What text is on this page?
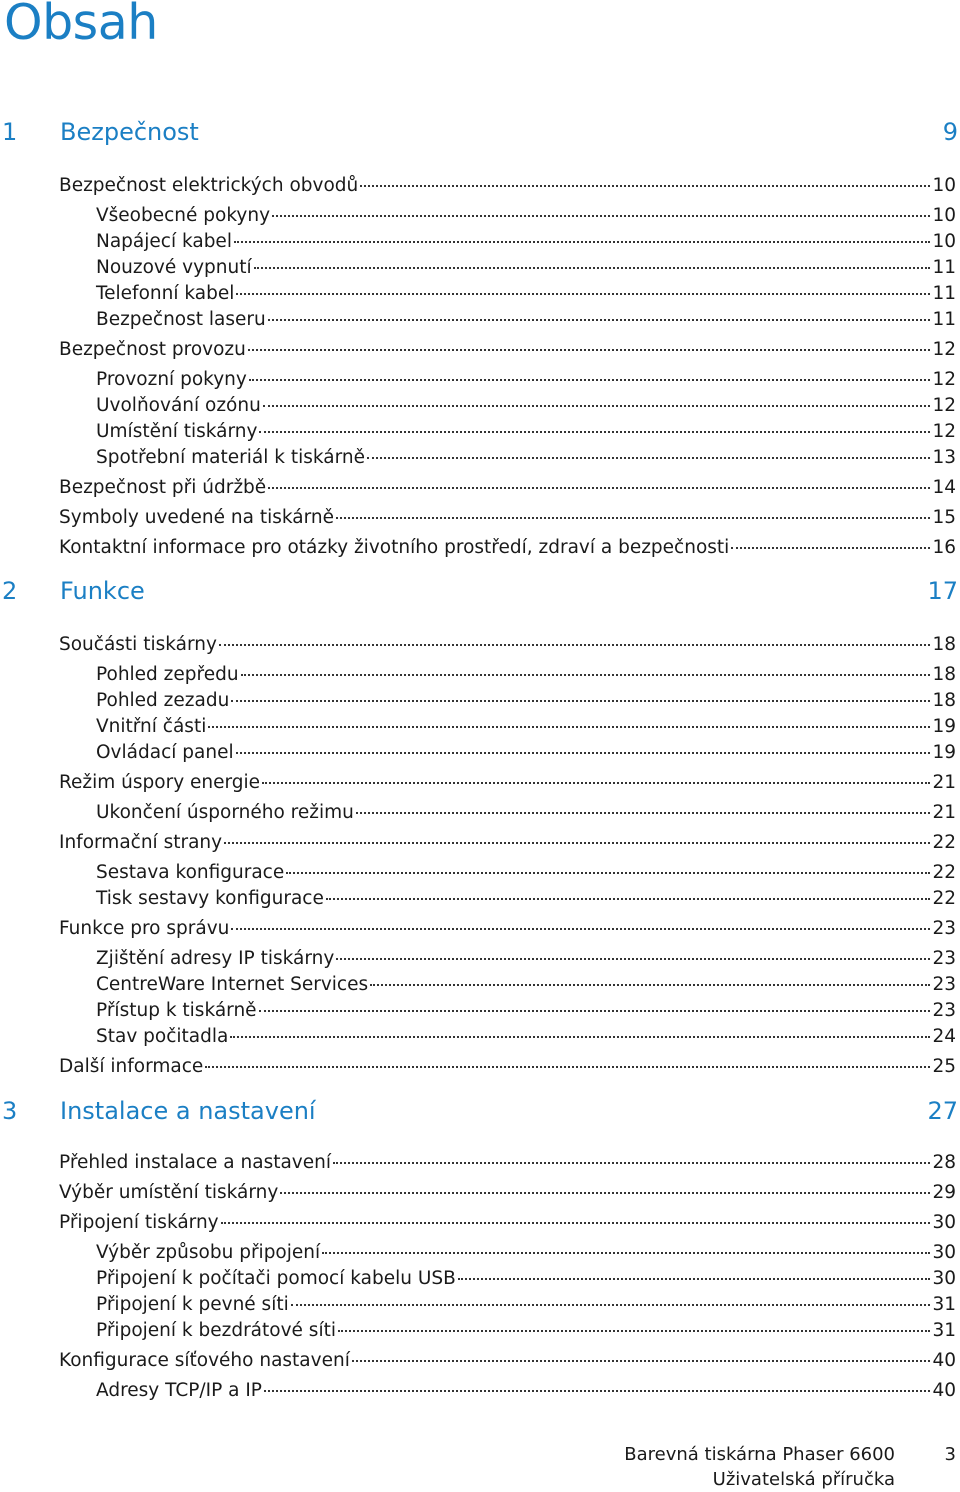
Obsah
1	Bezpečnost	9
Bezpečnost elektrických obvodů	10
Všeobecné pokyny	10
Napájecí kabel	10
Nouzové vypnutí	11
Telefonní kabel	11
Bezpečnost laseru	11
Bezpečnost provozu	12
Provozní pokyny	12
Uvolňování ozónu	12
Umístění tiskárny	12
Spotřební materiál k tiskárně	13
Bezpečnost při údržbě	14
Symboly uvedené na tiskárně	15
Kontaktní informace pro otázky životního prostředí, zdraví a bezpečnosti	16
2	Funkce	17
Součásti tiskárny	18
Pohled zepředu	18
Pohled zezadu	18
Vnitřní části	19
Ovládací panel	19
Režim úspory energie	21
Ukončení úsporného režimu	21
Informační strany	22
Sestava konfigurace	22
Tisk sestavy konfigurace	22
Funkce pro správu	23
Zjištění adresy IP tiskárny	23
CentreWare Internet Services	23
Přístup k tiskárně	23
Stav počitadla	24
Další informace	25
3	Instalace a nastavení	27
Přehled instalace a nastavení	28
Výběr umístění tiskárny	29
Připojení tiskárny	30
Výběr způsobu připojení	30
Připojení k počítači pomocí kabelu USB	30
Připojení k pevné síti	31
Připojení k bezdrátové síti	31
Konfigurace síťového nastavení	40
Adresy TCP/IP a IP	40
Barevná tiskárna Phaser 6600
Uživatelská příručka
3
